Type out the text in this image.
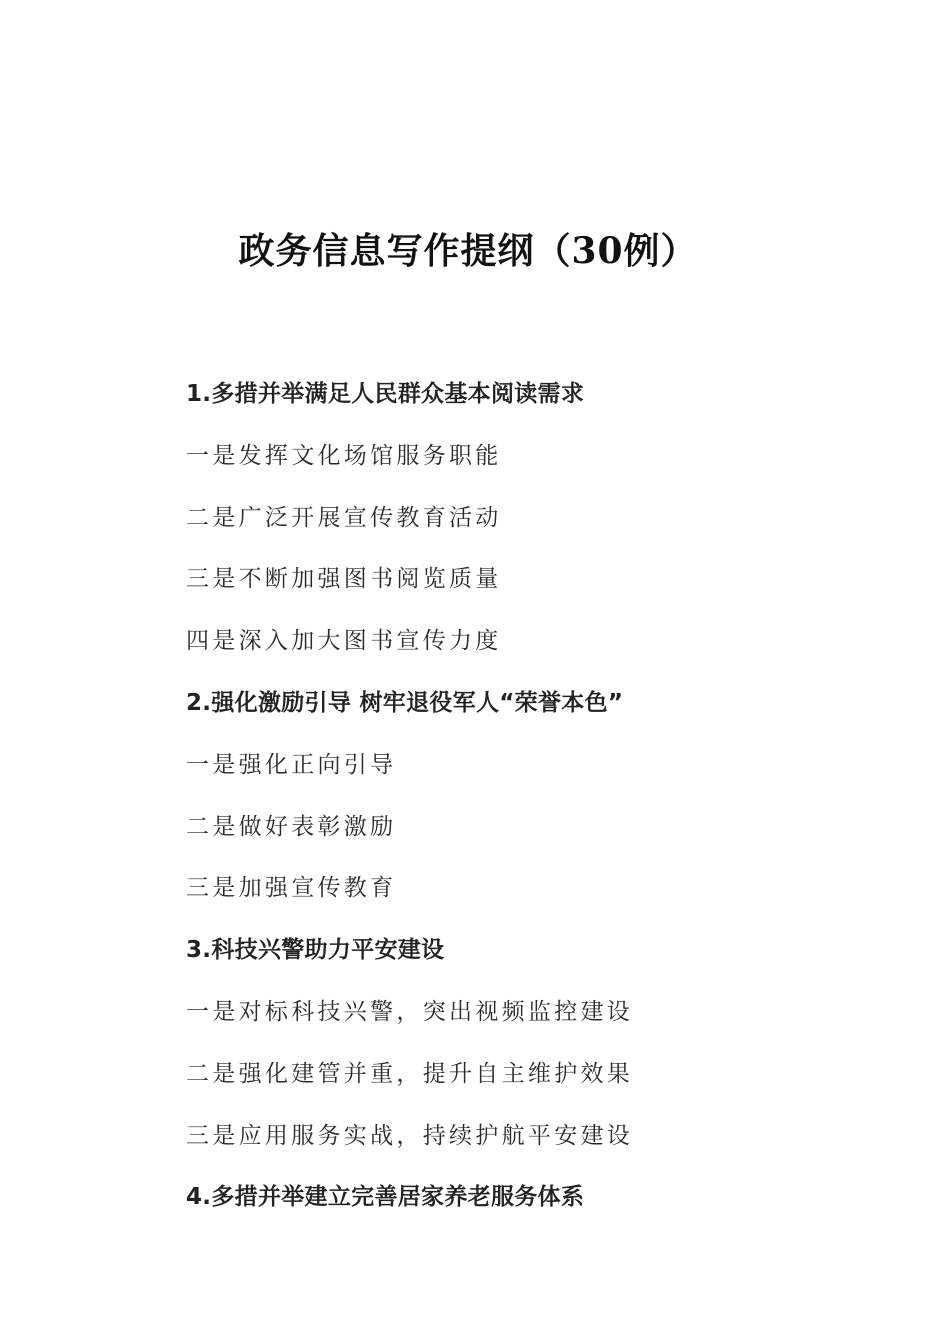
政务信息写作提纲（30例）
1.多措并举满足人民群众基本阅读需求
一是发挥文化场馆服务职能
二是广泛开展宣传教育活动
三是不断加强图书阅览质量
四是深入加大图书宣传力度
2.强化激励引导 树牢退役军人“荣誉本色”
一是强化正向引导
二是做好表彰激励
三是加强宣传教育
3.科技兴警助力平安建设
一是对标科技兴警，突出视频监控建设
二是强化建管并重，提升自主维护效果
三是应用服务实战，持续护航平安建设
4.多措并举建立完善居家养老服务体系
